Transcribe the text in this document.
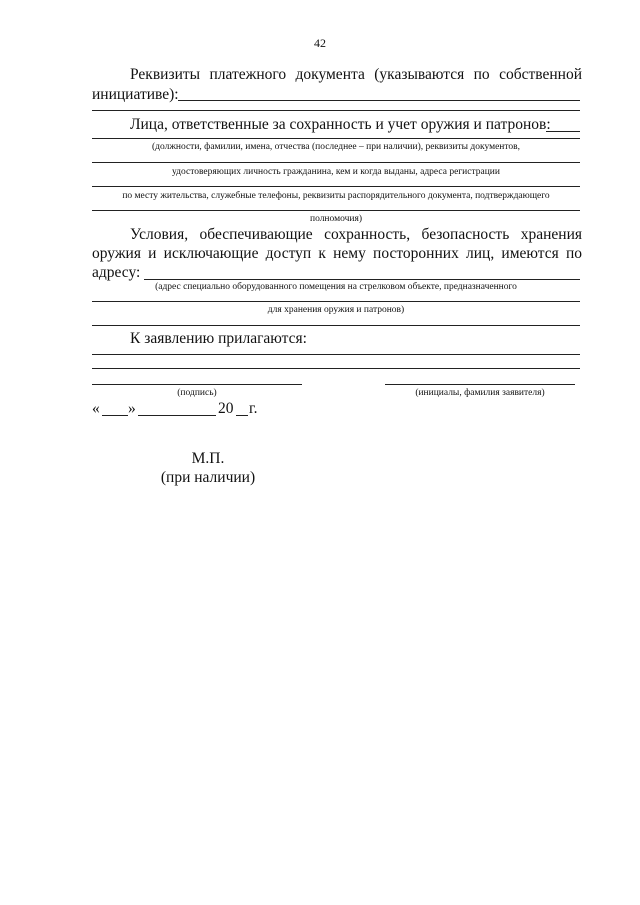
42
Реквизиты платежного документа (указываются по собственной
инициативе):
Лица, ответственные за сохранность и учет оружия и патронов:
(должности, фамилии, имена, отчества (последнее – при наличии), реквизиты документов,
удостоверяющих личность гражданина, кем и когда выданы, адреса регистрации
по месту жительства, служебные телефоны, реквизиты распорядительного документа, подтверждающего
полномочия)
Условия, обеспечивающие сохранность, безопасность хранения
оружия и исключающие доступ к нему посторонних лиц, имеются по
адресу:
(адрес специально оборудованного помещения на стрелковом объекте, предназначенного
для хранения оружия и патронов)
К заявлению прилагаются:
(подпись)	(инициалы, фамилия заявителя)
« »	20 г.
М.П.
(при наличии)
